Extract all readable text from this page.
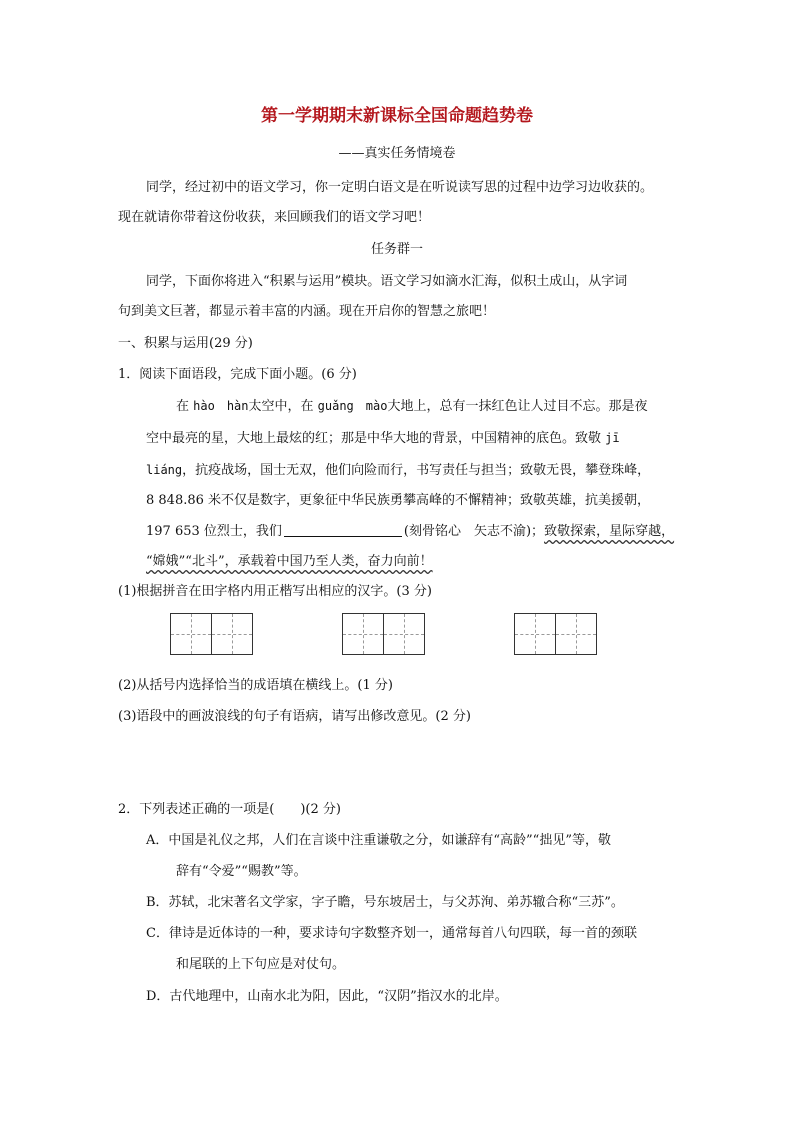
第一学期期末新课标全国命题趋势卷
——真实任务情境卷
同学，经过初中的语文学习，你一定明白语文是在听说读写思的过程中边学习边收获的。
现在就请你带着这份收获，来回顾我们的语文学习吧！
任务群一
同学，下面你将进入“积累与运用”模块。语文学习如滴水汇海，似积土成山，从字词
句到美文巨著，都显示着丰富的内涵。现在开启你的智慧之旅吧！
一、积累与运用(29 分)
1．阅读下面语段，完成下面小题。(6 分)
在 hào　hàn太空中，在 guǎng　mào大地上，总有一抹红色让人过目不忘。那是夜
空中最亮的星，大地上最炫的红；那是中华大地的背景，中国精神的底色。致敬 jī
liáng，抗疫战场，国士无双，他们向险而行，书写责任与担当；致敬无畏，攀登珠峰，
8 848.86 米不仅是数字，更象征中华民族勇攀高峰的不懈精神；致敬英雄，抗美援朝，
197 653 位烈士，我们	(刻骨铭心　矢志不渝)；致敬探索，星际穿越，
“嫦娥”“北斗”，承载着中国乃至人类，奋力向前！
(1)根据拼音在田字格内用正楷写出相应的汉字。(3 分)
(2)从括号内选择恰当的成语填在横线上。(1 分)
(3)语段中的画波浪线的句子有语病，请写出修改意见。(2 分)
2．下列表述正确的一项是(　　)(2 分)
A．中国是礼仪之邦，人们在言谈中注重谦敬之分，如谦辞有“高龄”“拙见”等，敬
辞有“令爱”“赐教”等。
B．苏轼，北宋著名文学家，字子瞻，号东坡居士，与父苏洵、弟苏辙合称“三苏”。
C．律诗是近体诗的一种，要求诗句字数整齐划一，通常每首八句四联，每一首的颈联
和尾联的上下句应是对仗句。
D．古代地理中，山南水北为阳，因此，“汉阴”指汉水的北岸。
